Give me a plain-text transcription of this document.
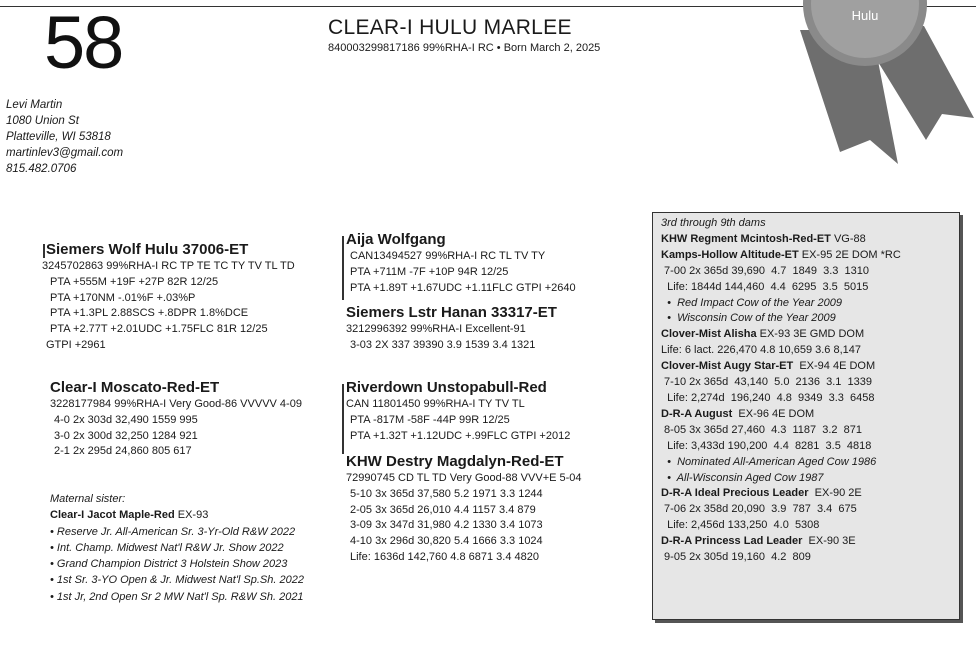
58
Levi Martin
1080 Union St
Platteville, WI 53818
martinlev3@gmail.com
815.482.0706
CLEAR-I HULU MARLEE
840003299817186 99%RHA-I RC • Born March 2, 2025
Hulu
Siemers Wolf Hulu 37006-ET
3245702863 99%RHA-I RC TP TE TC TY TV TL TD
PTA +555M +19F +27P 82R 12/25
PTA +170NM -.01%F +.03%P
PTA +1.3PL 2.88SCS +.8DPR 1.8%DCE
PTA +2.77T +2.01UDC +1.75FLC 81R 12/25
GTPI +2961
Clear-I Moscato-Red-ET
3228177984 99%RHA-I Very Good-86 VVVVV 4-09
4-0 2x 303d 32,490 1559 995
3-0 2x 300d 32,250 1284 921
2-1 2x 295d 24,860 805 617
Maternal sister:
Clear-I Jacot Maple-Red EX-93
• Reserve Jr. All-American Sr. 3-Yr-Old R&W 2022
• Int. Champ. Midwest Nat'l R&W Jr. Show 2022
• Grand Champion District 3 Holstein Show 2023
• 1st Sr. 3-YO Open & Jr. Midwest Nat'l Sp.Sh. 2022
• 1st Jr, 2nd Open Sr 2 MW Nat'l Sp. R&W Sh. 2021
Aija Wolfgang
CAN13494527 99%RHA-I RC TL TV TY
PTA +711M -7F +10P 94R 12/25
PTA +1.89T +1.67UDC +1.11FLC GTPI +2640
Siemers Lstr Hanan 33317-ET
3212996392 99%RHA-I Excellent-91
3-03 2X 337 39390 3.9 1539 3.4 1321
Riverdown Unstopabull-Red
CAN 11801450 99%RHA-I TY TV TL
PTA -817M -58F -44P 99R 12/25
PTA +1.32T +1.12UDC +.99FLC GTPI +2012
KHW Destry Magdalyn-Red-ET
72990745 CD TL TD Very Good-88 VVV+E 5-04
5-10 3x 365d 37,580 5.2 1971 3.3 1244
2-05 3x 365d 26,010 4.4 1157 3.4 879
3-09 3x 347d 31,980 4.2 1330 3.4 1073
4-10 3x 296d 30,820 5.4 1666 3.3 1024
Life: 1636d 142,760 4.8 6871 3.4 4820
3rd through 9th dams
KHW Regment Mcintosh-Red-ET VG-88
Kamps-Hollow Altitude-ET EX-95 2E DOM *RC
7-00 2x 365d 39,690  4.7  1849  3.3  1310
Life: 1844d 144,460  4.4  6295  3.5  5015
•  Red Impact Cow of the Year 2009
•  Wisconsin Cow of the Year 2009
Clover-Mist Alisha EX-93 3E GMD DOM
Life: 6 lact. 226,470 4.8 10,659 3.6 8,147
Clover-Mist Augy Star-ET  EX-94 4E DOM
7-10 2x 365d  43,140  5.0  2136  3.1  1339
Life: 2,274d  196,240  4.8  9349  3.3  6458
D-R-A August  EX-96 4E DOM
8-05 3x 365d 27,460  4.3  1187  3.2  871
Life: 3,433d 190,200  4.4  8281  3.5  4818
•  Nominated All-American Aged Cow 1986
•  All-Wisconsin Aged Cow 1987
D-R-A Ideal Precious Leader  EX-90 2E
7-06 2x 358d 20,090  3.9  787  3.4  675
Life: 2,456d 133,250  4.0  5308
D-R-A Princess Lad Leader  EX-90 3E
9-05 2x 305d 19,160  4.2  809
